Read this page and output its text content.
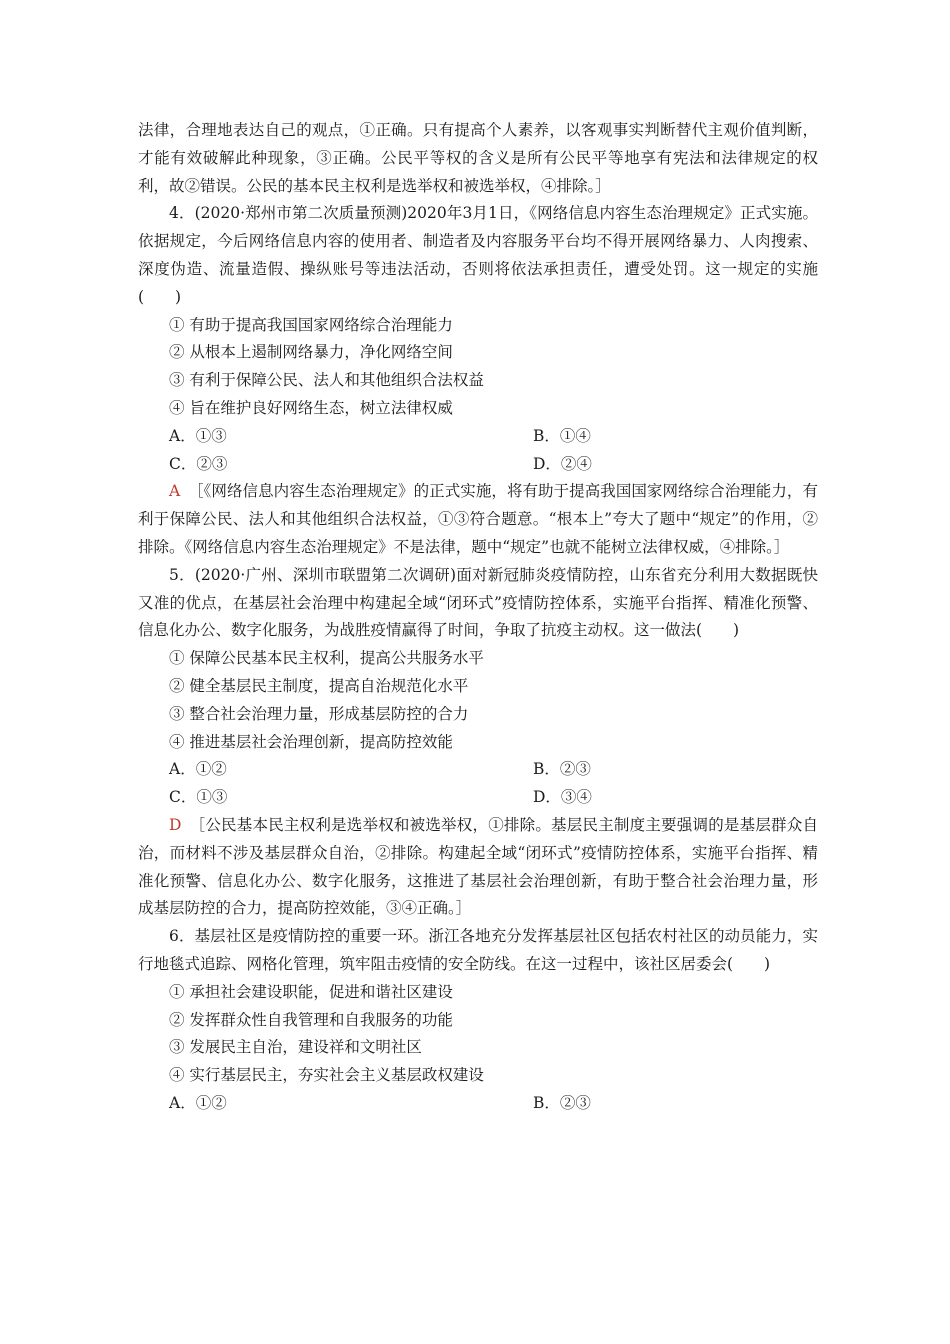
法律，合理地表达自己的观点，①正确。只有提高个人素养，以客观事实判断替代主观价值判断，才能有效破解此种现象，③正确。公民平等权的含义是所有公民平等地享有宪法和法律规定的权利，故②错误。公民的基本民主权利是选举权和被选举权，④排除。］

4．(2020·郑州市第二次质量预测)2020年3月1日，《网络信息内容生态治理规定》正式实施。依据规定，今后网络信息内容的使用者、制造者及内容服务平台均不得开展网络暴力、人肉搜索、深度伪造、流量造假、操纵账号等违法活动，否则将依法承担责任，遭受处罚。这一规定的实施(　　)

① 有助于提高我国国家网络综合治理能力

② 从根本上遏制网络暴力，净化网络空间

③ 有利于保障公民、法人和其他组织合法权益

④ 旨在维护良好网络生态，树立法律权威

A．①③	B．①④
C．②③	D．②④

A　 ［《网络信息内容生态治理规定》的正式实施，将有助于提高我国国家网络综合治理能力，有利于保障公民、法人和其他组织合法权益，①③符合题意。“根本上”夸大了题中“规定”的作用，②排除。《网络信息内容生态治理规定》不是法律，题中“规定”也就不能树立法律权威，④排除。］

5．(2020·广州、深圳市联盟第二次调研)面对新冠肺炎疫情防控，山东省充分利用大数据既快又准的优点，在基层社会治理中构建起全域“闭环式”疫情防控体系，实施平台指挥、精准化预警、信息化办公、数字化服务，为战胜疫情赢得了时间，争取了抗疫主动权。这一做法(　　)

① 保障公民基本民主权利，提高公共服务水平

② 健全基层民主制度，提高自治规范化水平

③ 整合社会治理力量，形成基层防控的合力

④ 推进基层社会治理创新，提高防控效能

A．①②	B．②③
C．①③	D．③④

D　 ［公民基本民主权利是选举权和被选举权，①排除。基层民主制度主要强调的是基层群众自治，而材料不涉及基层群众自治，②排除。构建起全域“闭环式”疫情防控体系，实施平台指挥、精准化预警、信息化办公、数字化服务，这推进了基层社会治理创新，有助于整合社会治理力量，形成基层防控的合力，提高防控效能，③④正确。］

6．基层社区是疫情防控的重要一环。浙江各地充分发挥基层社区包括农村社区的动员能力，实行地毯式追踪、网格化管理，筑牢阻击疫情的安全防线。在这一过程中，该社区居委会(　　)

① 承担社会建设职能，促进和谐社区建设

② 发挥群众性自我管理和自我服务的功能

③ 发展民主自治，建设祥和文明社区

④ 实行基层民主，夯实社会主义基层政权建设

A．①②	B．②③
